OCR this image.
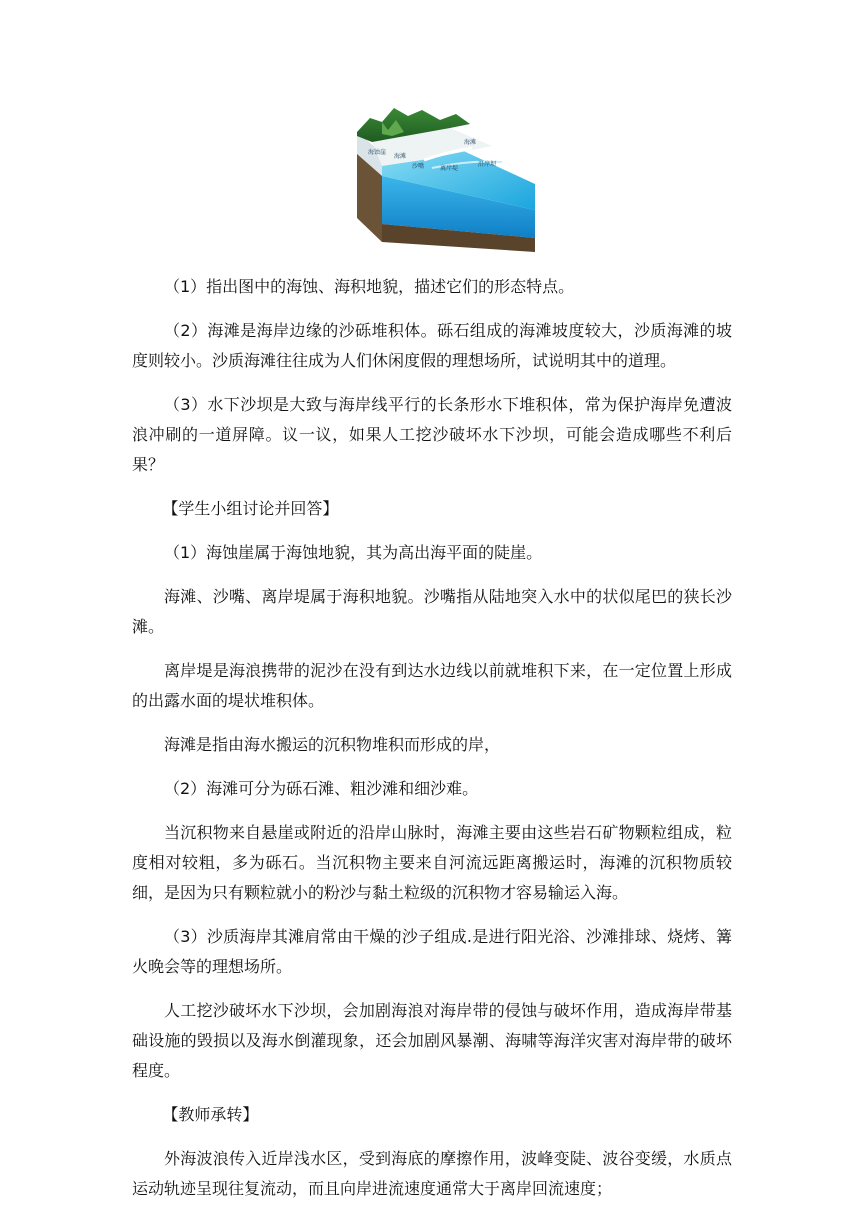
海蚀崖
海滩
海滩
沙嘴	离岸堤
沿岸坝

（1）指出图中的海蚀、海积地貌，描述它们的形态特点。

（2）海滩是海岸边缘的沙砾堆积体。砾石组成的海滩坡度较大，沙质海滩的坡度则较小。沙质海滩往往成为人们休闲度假的理想场所，试说明其中的道理。

（3）水下沙坝是大致与海岸线平行的长条形水下堆积体，常为保护海岸免遭波浪冲刷的一道屏障。议一议，如果人工挖沙破坏水下沙坝，可能会造成哪些不利后果？

【学生小组讨论并回答】

（1）海蚀崖属于海蚀地貌，其为高出海平面的陡崖。

海滩、沙嘴、离岸堤属于海积地貌。沙嘴指从陆地突入水中的状似尾巴的狭长沙滩。

离岸堤是海浪携带的泥沙在没有到达水边线以前就堆积下来，在一定位置上形成的出露水面的堤状堆积体。

海滩是指由海水搬运的沉积物堆积而形成的岸，

（2）海滩可分为砾石滩、粗沙滩和细沙难。

当沉积物来自悬崖或附近的沿岸山脉时，海滩主要由这些岩石矿物颗粒组成，粒度相对较粗，多为砾石。当沉积物主要来自河流远距离搬运时，海滩的沉积物质较细，是因为只有颗粒就小的粉沙与黏土粒级的沉积物才容易输运入海。

（3）沙质海岸其滩肩常由干燥的沙子组成.是进行阳光浴、沙滩排球、烧烤、篝火晚会等的理想场所。

人工挖沙破坏水下沙坝，会加剧海浪对海岸带的侵蚀与破坏作用，造成海岸带基础设施的毁损以及海水倒灌现象，还会加剧风暴潮、海啸等海洋灾害对海岸带的破坏程度。

【教师承转】

外海波浪传入近岸浅水区，受到海底的摩擦作用，波峰变陡、波谷变缓，水质点运动轨迹呈现往复流动，而且向岸进流速度通常大于离岸回流速度；
